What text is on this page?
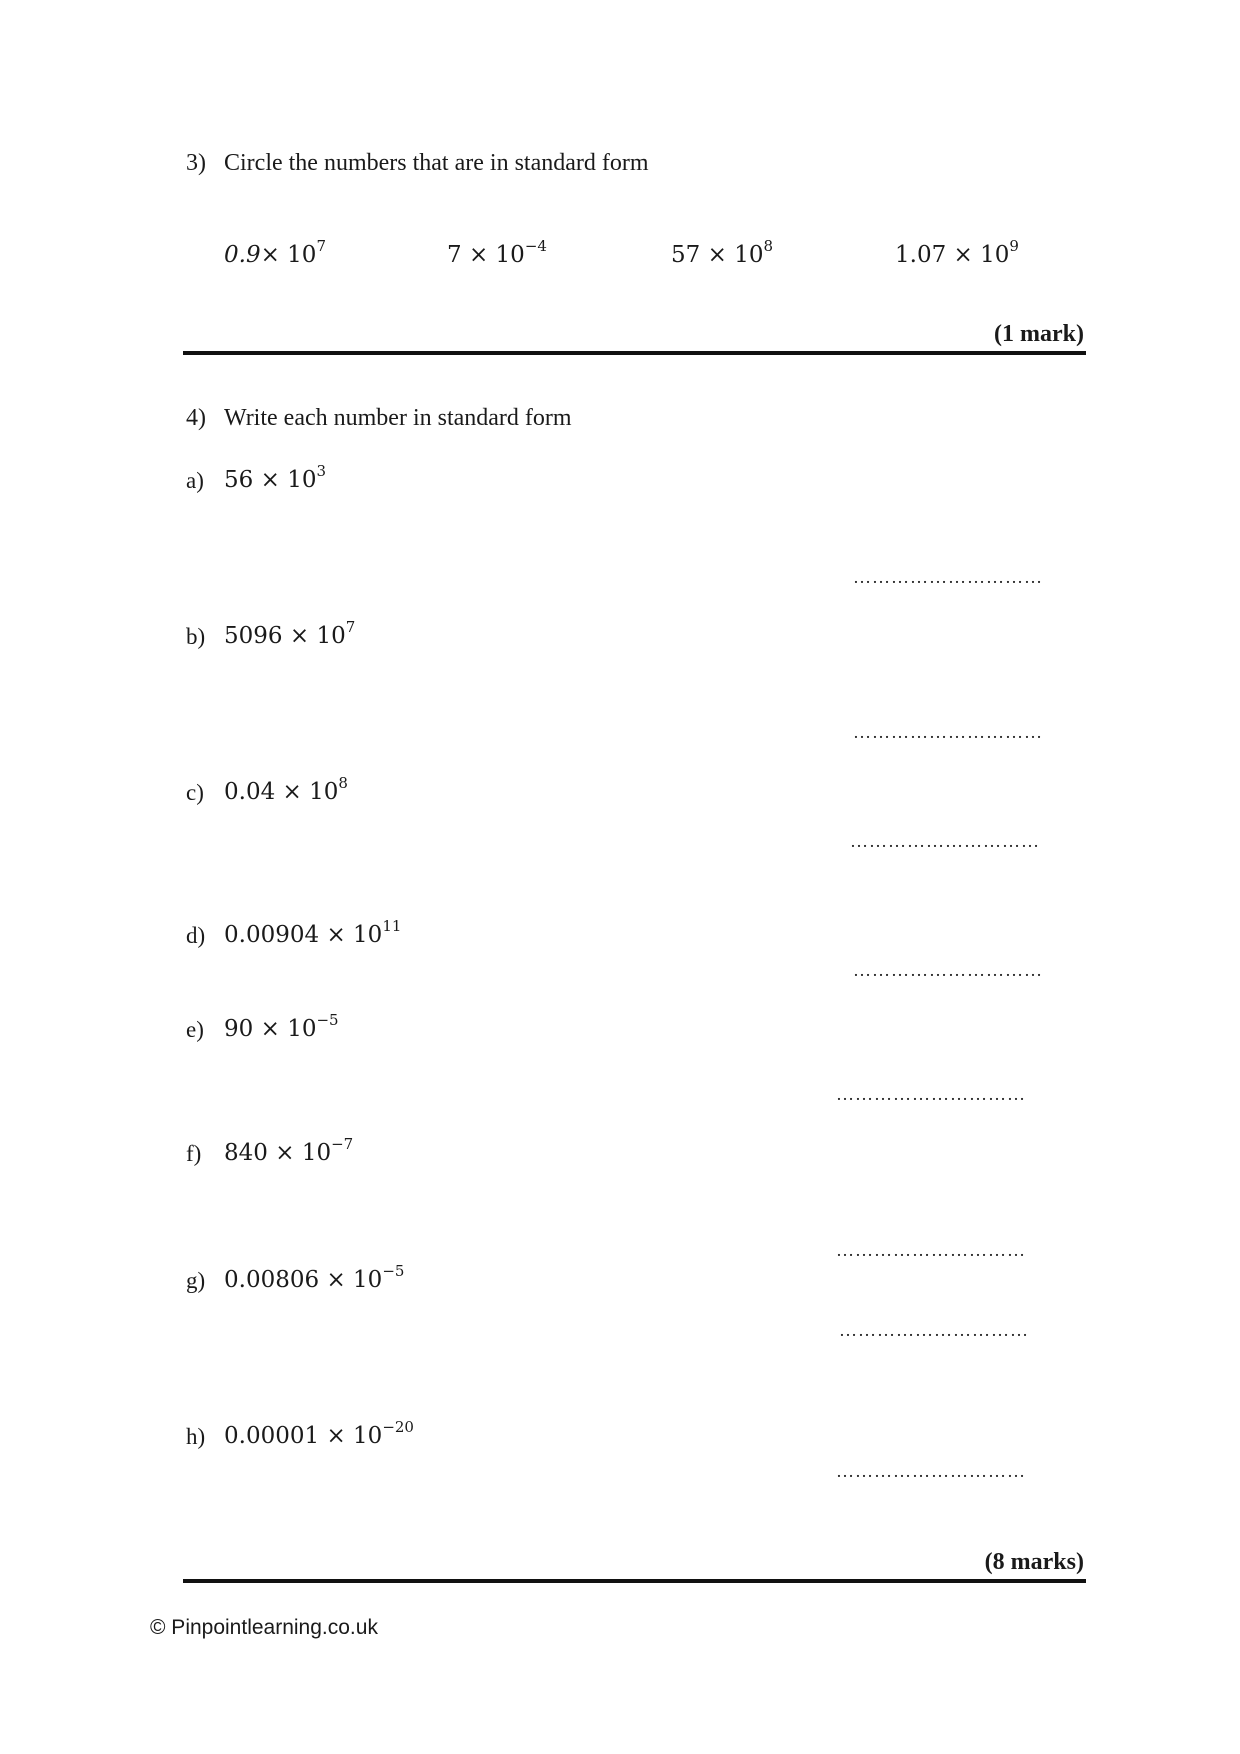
3) Circle the numbers that are in standard form
$0.9\times 10^7$	$7 \times 10^{-4}$	$57 \times 10^8$	$1.07 \times 10^9$
(1 mark)
4) Write each number in standard form
a) $56 \times 10^3$
…………………………
b) $5096 \times 10^7$
…………………………
c) $0.04 \times 10^8$
…………………………
d) $0.00904 \times 10^{11}$
…………………………
e) $90 \times 10^{-5}$
…………………………
f) $840 \times 10^{-7}$
…………………………
g) $0.00806 \times 10^{-5}$
…………………………
h) $0.00001 \times 10^{-20}$
…………………………
(8 marks)
© Pinpointlearning.co.uk
